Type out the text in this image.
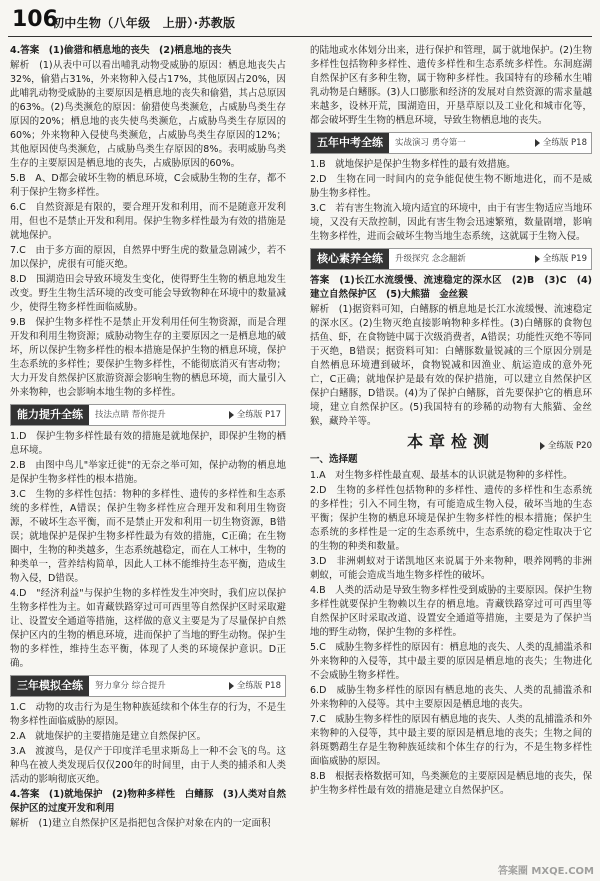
106
初中生物（八年级　上册）·苏教版

4.答案　(1)偷猎和栖息地的丧失　(2)栖息地的丧失

解析　(1)从表中可以看出哺乳动物受威胁的原因：栖息地丧失占32%，偷猎占31%，外来物种入侵占17%，其他原因占20%，因此哺乳动物受威胁的主要原因是栖息地的丧失和偷猎，其占总原因的63%。(2)鸟类濒危的原因：偷猎使鸟类濒危，占威胁鸟类生存原因的20%；栖息地的丧失使鸟类濒危，占威胁鸟类生存原因的60%；外来物种入侵使鸟类濒危，占威胁鸟类生存原因的12%；其他原因使鸟类濒危，占威胁鸟类生存原因的8%。表明威胁鸟类生存的主要原因是栖息地的丧失，占威胁原因的60%。

5.B　A、D都会破坏生物的栖息环境，C会威胁生物的生存，都不利于保护生物多样性。

6.C　自然资源是有限的，要合理开发和利用，而不是随意开发利用，但也不是禁止开发和利用。保护生物多样性最为有效的措施是就地保护。

7.C　由于多方面的原因，自然界中野生虎的数量急剧减少，若不加以保护，虎很有可能灭绝。

8.D　围湖造田会导致环境发生变化，使得野生生物的栖息地发生改变。野生生物生活环境的改变可能会导致物种在环境中的数量减少，使得生物多样性面临威胁。

9.B　保护生物多样性不是禁止开发利用任何生物资源，而是合理开发和利用生物资源；威胁动物生存的主要原因之一是栖息地的破坏，所以保护生物多样性的根本措施是保护生物的栖息环境，保护生态系统的多样性；要保护生物多样性，不能彻底消灭有害动物；大力开发自然保护区旅游资源会影响生物的栖息环境，而大量引入外来物种，也会影响本地生物的多样性。

能力提升全练	技法点睛 帮你提升	全练版 P17

1.D　保护生物多样性最有效的措施是就地保护，即保护生物的栖息环境。

2.B　由图中鸟儿"举家迁徙"的无奈之举可知，保护动物的栖息地是保护生物多样性的根本措施。

3.C　生物的多样性包括：物种的多样性、遗传的多样性和生态系统的多样性，A错误；保护生物多样性应合理开发和利用生物资源，不破坏生态平衡，而不是禁止开发和利用一切生物资源，B错误；就地保护是保护生物多样性最为有效的措施，C正确；在生物圈中，生物的种类越多，生态系统越稳定，而在人工林中，生物的种类单一，营养结构简单，因此人工林不能维持生态平衡，造成生物入侵，D错误。

4.D　"经济利益"与保护生物的多样性发生冲突时，我们应以保护生物多样性为主。如青藏铁路穿过可可西里等自然保护区时采取避让、设置安全通道等措施，这样做的意义主要是为了尽量保护自然保护区内的生物的栖息环境，进而保护了当地的野生动物。保护生物的多样性，维持生态平衡，体现了人类的环境保护意识。D正确。

三年模拟全练	努力拿分 综合提升	全练版 P18

1.C　动物的攻击行为是生物种族延续和个体生存的行为，不是生物多样性面临威胁的原因。

2.A　就地保护的主要措施是建立自然保护区。

3.A　渡渡鸟，是仅产于印度洋毛里求斯岛上一种不会飞的鸟。这种鸟在被人类发现后仅仅200年的时间里，由于人类的捕杀和人类活动的影响彻底灭绝。

4.答案　(1)就地保护　(2)物种多样性　白鳍豚　(3)人类对自然保护区的过度开发和利用

解析　(1)建立自然保护区是指把包含保护对象在内的一定面积

的陆地或水体划分出来，进行保护和管理，属于就地保护。(2)生物多样性包括物种多样性、遗传多样性和生态系统多样性。东洞庭湖自然保护区有多种生物，属于物种多样性。我国特有的珍稀水生哺乳动物是白鳍豚。(3)人口膨胀和经济的发展对自然资源的需求量越来越多，设林开荒，围湖造田，开垦草原以及工业化和城市化等，都会破坏野生生物的栖息环境，导致生物栖息地的丧失。

五年中考全练	实战演习 勇夺第一	全练版 P18

1.B　就地保护是保护生物多样性的最有效措施。

2.D　生物在同一时间内的竞争能促使生物不断地进化，而不是威胁生物多样性。

3.C　若有害生物流入境内适宜的环境中，由于有害生物适应当地环境，又没有天敌控制，因此有害生物会迅速繁殖，数量剧增，影响生物多样性，进而会破坏生物当地生态系统，这就属于生物入侵。

核心素养全练	升级探究 念念翻新	全练版 P19

答案　(1)长江水流缓慢、流速稳定的深水区　(2)B　(3)C　(4)建立自然保护区　(5)大熊猫　金丝猴

解析　(1)据资料可知，白鳍豚的栖息地是长江水流缓慢、流速稳定的深水区。(2)生物灭绝直接影响物种多样性。(3)白鳍豚的食物包括鱼、虾，在食物链中属于次级消费者，A错误；功能性灭绝不等同于灭绝，B错误；据资料可知：白鳍豚数量锐减的三个原因分别是自然栖息环境遭到破坏，食物锐减和因渔业、航运造成的意外死亡，C正确；就地保护是最有效的保护措施，可以建立自然保护区保护白鳍豚，D错误。(4)为了保护白鳍豚，首先要保护它的栖息环境，建立自然保护区。(5)我国特有的珍稀的动物有大熊猫、金丝猴，藏羚羊等。

本章检测	全练版 P20

一、选择题

1.A　对生物多样性最直观、最基本的认识就是物种的多样性。

2.D　生物的多样性包括物种的多样性、遗传的多样性和生态系统的多样性；引入不同生物，有可能造成生物入侵，破坏当地的生态平衡；保护生物的栖息环境是保护生物多样性的根本措施；保护生态系统的多样性是一定的生态系统中，生态系统的稳定性取决于它的生物的种类和数量。

3.D　非洲刺蚁对于诺凯地区来说属于外来物种，喂养网鸭的非洲刺蚁，可能会造成当地生物多样性的破坏。

4.B　人类的活动是导致生物多样性受到威胁的主要原因。保护生物多样性就要保护生物赖以生存的栖息地。青藏铁路穿过可可西里等自然保护区时采取改道、设置安全通道等措施，主要是为了保护当地的野生动物，保护生物的多样性。

5.C　威胁生物多样性的原因有：栖息地的丧失、人类的乱捕滥杀和外来物种的入侵等，其中最主要的原因是栖息地的丧失；生物进化不会威胁生物多样性。

6.D　威胁生物多样性的原因有栖息地的丧失、人类的乱捕滥杀和外来物种的入侵等。其中主要原因是栖息地的丧失。

7.C　威胁生物多样性的原因有栖息地的丧失、人类的乱捕滥杀和外来物种的入侵等，其中最主要的原因是栖息地的丧失；生物之间的斜斑鹦鹉生存是生物种族延续和个体生存的行为，不是生物多样性面临威胁的原因。

8.B　根据表格数据可知，鸟类濒危的主要原因是栖息地的丧失，保护生物多样性最有效的措施是建立自然保护区。

答案圈 MXQE.COM
